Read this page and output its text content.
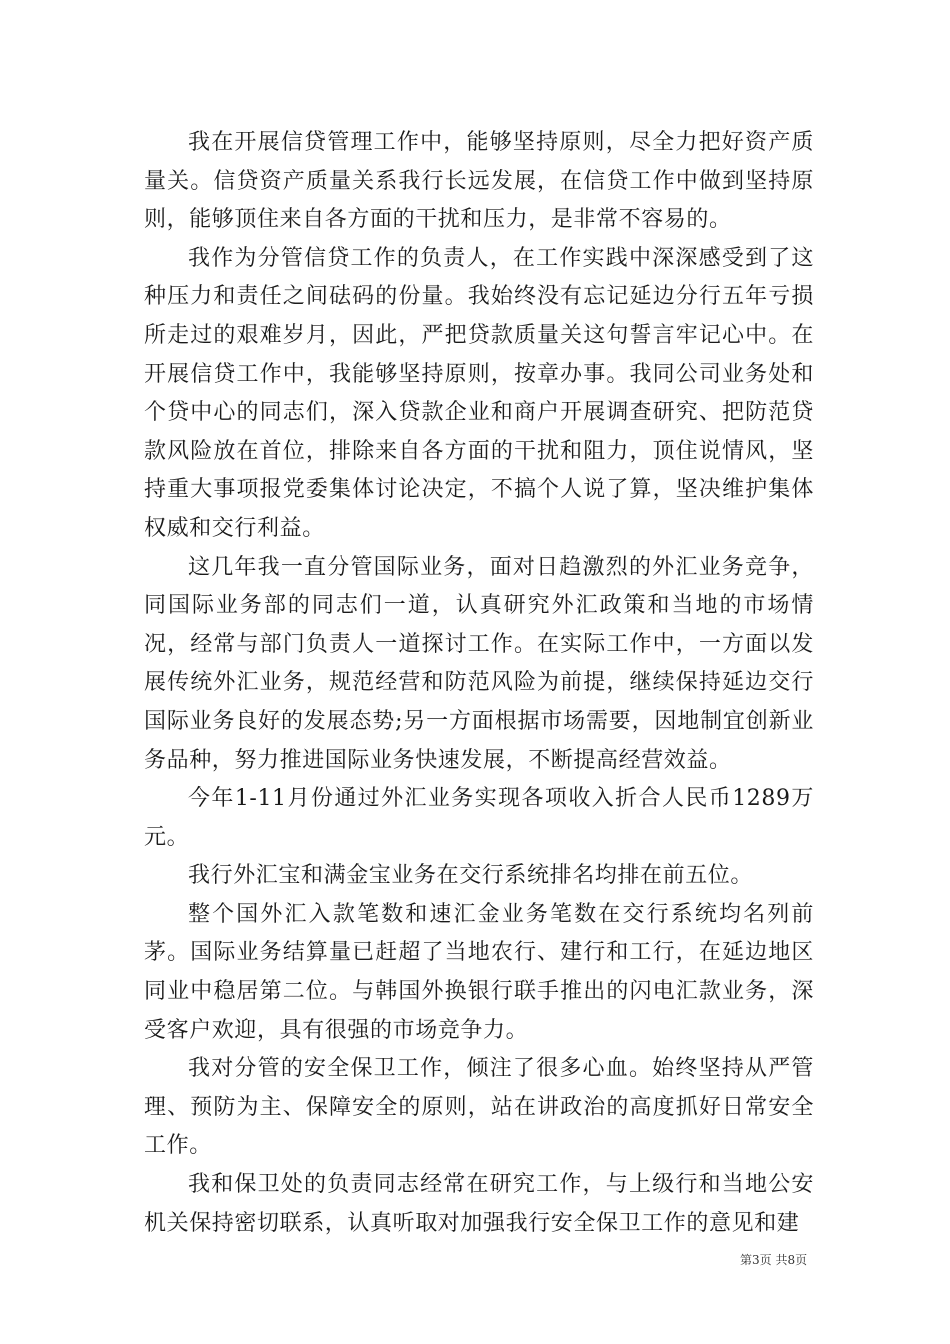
我在开展信贷管理工作中，能够坚持原则，尽全力把好资产质量关。信贷资产质量关系我行长远发展，在信贷工作中做到坚持原则，能够顶住来自各方面的干扰和压力，是非常不容易的。

我作为分管信贷工作的负责人，在工作实践中深深感受到了这种压力和责任之间砝码的份量。我始终没有忘记延边分行五年亏损所走过的艰难岁月，因此，严把贷款质量关这句誓言牢记心中。在开展信贷工作中，我能够坚持原则，按章办事。我同公司业务处和个贷中心的同志们，深入贷款企业和商户开展调查研究、把防范贷款风险放在首位，排除来自各方面的干扰和阻力，顶住说情风，坚持重大事项报党委集体讨论决定，不搞个人说了算，坚决维护集体权威和交行利益。

这几年我一直分管国际业务，面对日趋激烈的外汇业务竞争，同国际业务部的同志们一道，认真研究外汇政策和当地的市场情况，经常与部门负责人一道探讨工作。在实际工作中，一方面以发展传统外汇业务，规范经营和防范风险为前提，继续保持延边交行国际业务良好的发展态势;另一方面根据市场需要，因地制宜创新业务品种，努力推进国际业务快速发展，不断提高经营效益。

今年1-11月份通过外汇业务实现各项收入折合人民币1289万元。

我行外汇宝和满金宝业务在交行系统排名均排在前五位。

整个国外汇入款笔数和速汇金业务笔数在交行系统均名列前茅。国际业务结算量已赶超了当地农行、建行和工行，在延边地区同业中稳居第二位。与韩国外换银行联手推出的闪电汇款业务，深受客户欢迎，具有很强的市场竞争力。

我对分管的安全保卫工作，倾注了很多心血。始终坚持从严管理、预防为主、保障安全的原则，站在讲政治的高度抓好日常安全工作。

我和保卫处的负责同志经常在研究工作，与上级行和当地公安机关保持密切联系，认真听取对加强我行安全保卫工作的意见和建

第3页 共8页
